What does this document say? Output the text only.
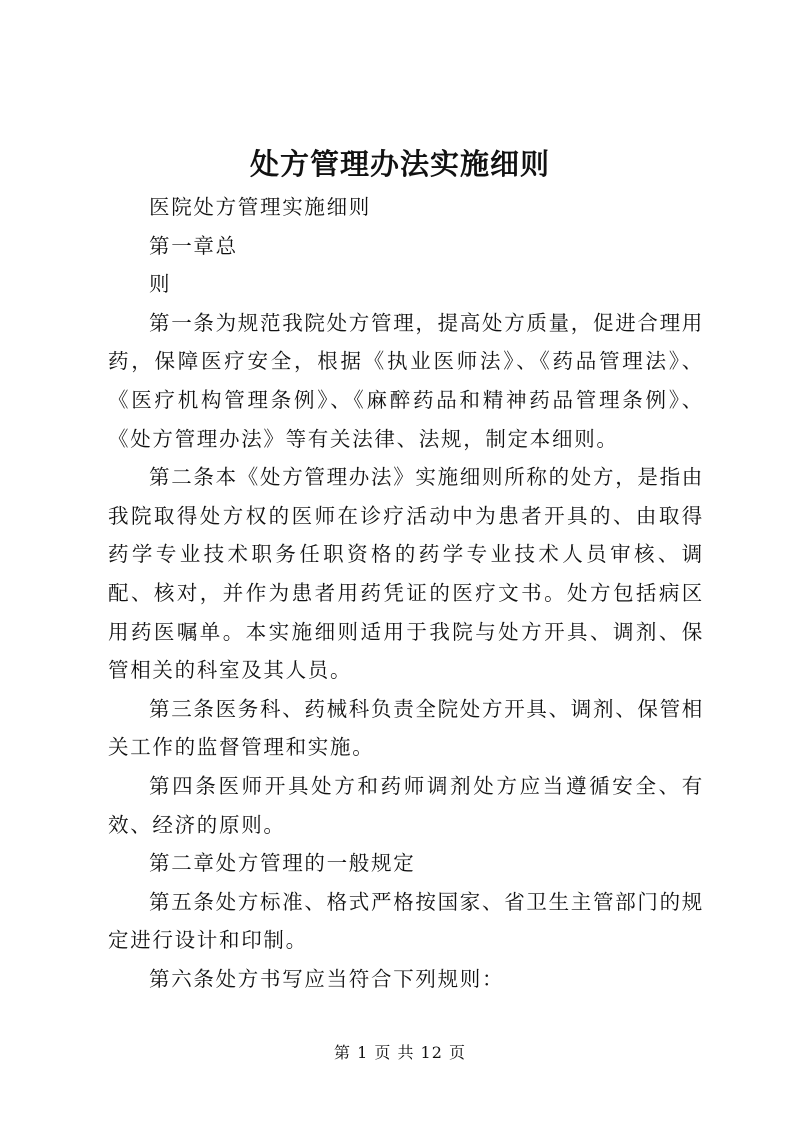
处方管理办法实施细则

医院处方管理实施细则

第一章总

则

第一条为规范我院处方管理，提高处方质量，促进合理用药，保障医疗安全，根据《执业医师法》、《药品管理法》、《医疗机构管理条例》、《麻醉药品和精神药品管理条例》、《处方管理办法》等有关法律、法规，制定本细则。

第二条本《处方管理办法》实施细则所称的处方，是指由我院取得处方权的医师在诊疗活动中为患者开具的、由取得药学专业技术职务任职资格的药学专业技术人员审核、调配、核对，并作为患者用药凭证的医疗文书。处方包括病区用药医嘱单。本实施细则适用于我院与处方开具、调剂、保管相关的科室及其人员。

第三条医务科、药械科负责全院处方开具、调剂、保管相关工作的监督管理和实施。

第四条医师开具处方和药师调剂处方应当遵循安全、有效、经济的原则。

第二章处方管理的一般规定

第五条处方标准、格式严格按国家、省卫生主管部门的规定进行设计和印制。

第六条处方书写应当符合下列规则：

第 1 页 共 12 页
